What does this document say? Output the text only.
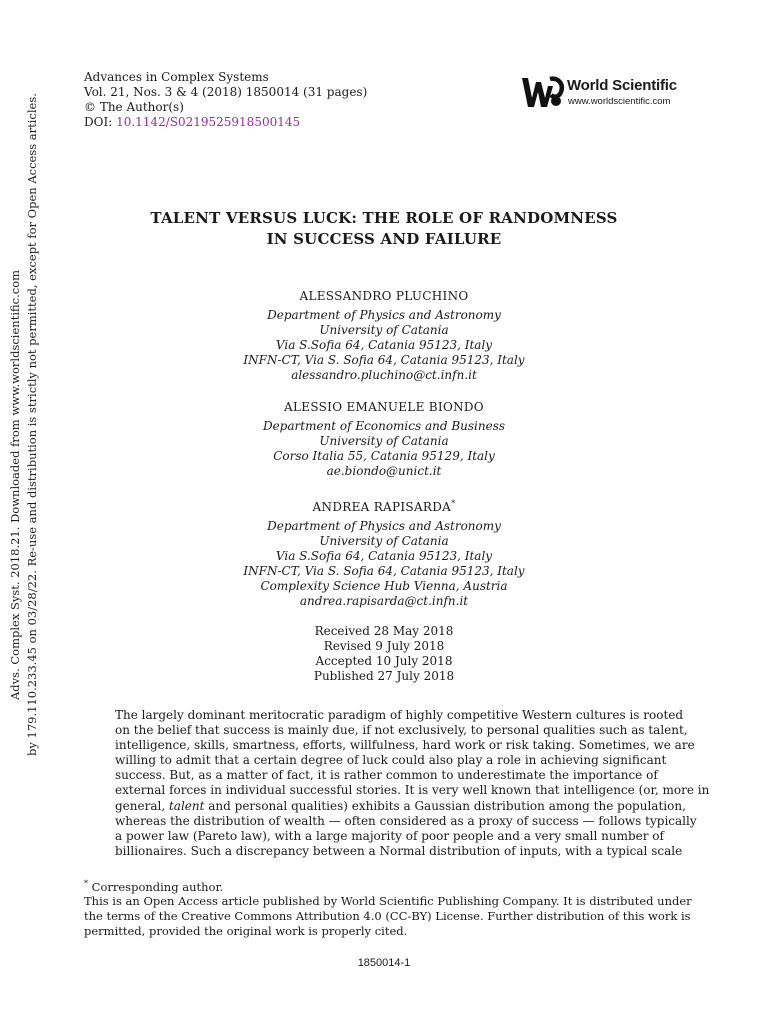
Advances in Complex Systems
Vol. 21, Nos. 3 & 4 (2018) 1850014 (31 pages)
© The Author(s)
DOI: 10.1142/S0219525918500145
World Scientific
www.worldscientific.com
Advs. Complex Syst. 2018.21. Downloaded from www.worldscientific.com by 179.110.233.45 on 03/28/22. Re-use and distribution is strictly not permitted, except for Open Access articles.	TALENT VERSUS LUCK: THE ROLE OF RANDOMNESS
IN SUCCESS AND FAILURE
ALESSANDRO PLUCHINO
Department of Physics and Astronomy
University of Catania
Via S.Sofia 64, Catania 95123, Italy
INFN-CT, Via S. Sofia 64, Catania 95123, Italy
alessandro.pluchino@ct.infn.it
ALESSIO EMANUELE BIONDO
Department of Economics and Business
University of Catania
Corso Italia 55, Catania 95129, Italy
ae.biondo@unict.it
ANDREA RAPISARDA*
Department of Physics and Astronomy
University of Catania
Via S.Sofia 64, Catania 95123, Italy
INFN-CT, Via S. Sofia 64, Catania 95123, Italy
Complexity Science Hub Vienna, Austria
andrea.rapisarda@ct.infn.it
Received 28 May 2018
Revised 9 July 2018
Accepted 10 July 2018
Published 27 July 2018
The largely dominant meritocratic paradigm of highly competitive Western cultures is rooted
on the belief that success is mainly due, if not exclusively, to personal qualities such as talent,
intelligence, skills, smartness, efforts, willfulness, hard work or risk taking. Sometimes, we are
willing to admit that a certain degree of luck could also play a role in achieving significant
success. But, as a matter of fact, it is rather common to underestimate the importance of
external forces in individual successful stories. It is very well known that intelligence (or, more in
general, talent and personal qualities) exhibits a Gaussian distribution among the population,
whereas the distribution of wealth — often considered as a proxy of success — follows typically
a power law (Pareto law), with a large majority of poor people and a very small number of
billionaires. Such a discrepancy between a Normal distribution of inputs, with a typical scale
* Corresponding author.
This is an Open Access article published by World Scientific Publishing Company. It is distributed under
the terms of the Creative Commons Attribution 4.0 (CC-BY) License. Further distribution of this work is
permitted, provided the original work is properly cited.
1850014-1
